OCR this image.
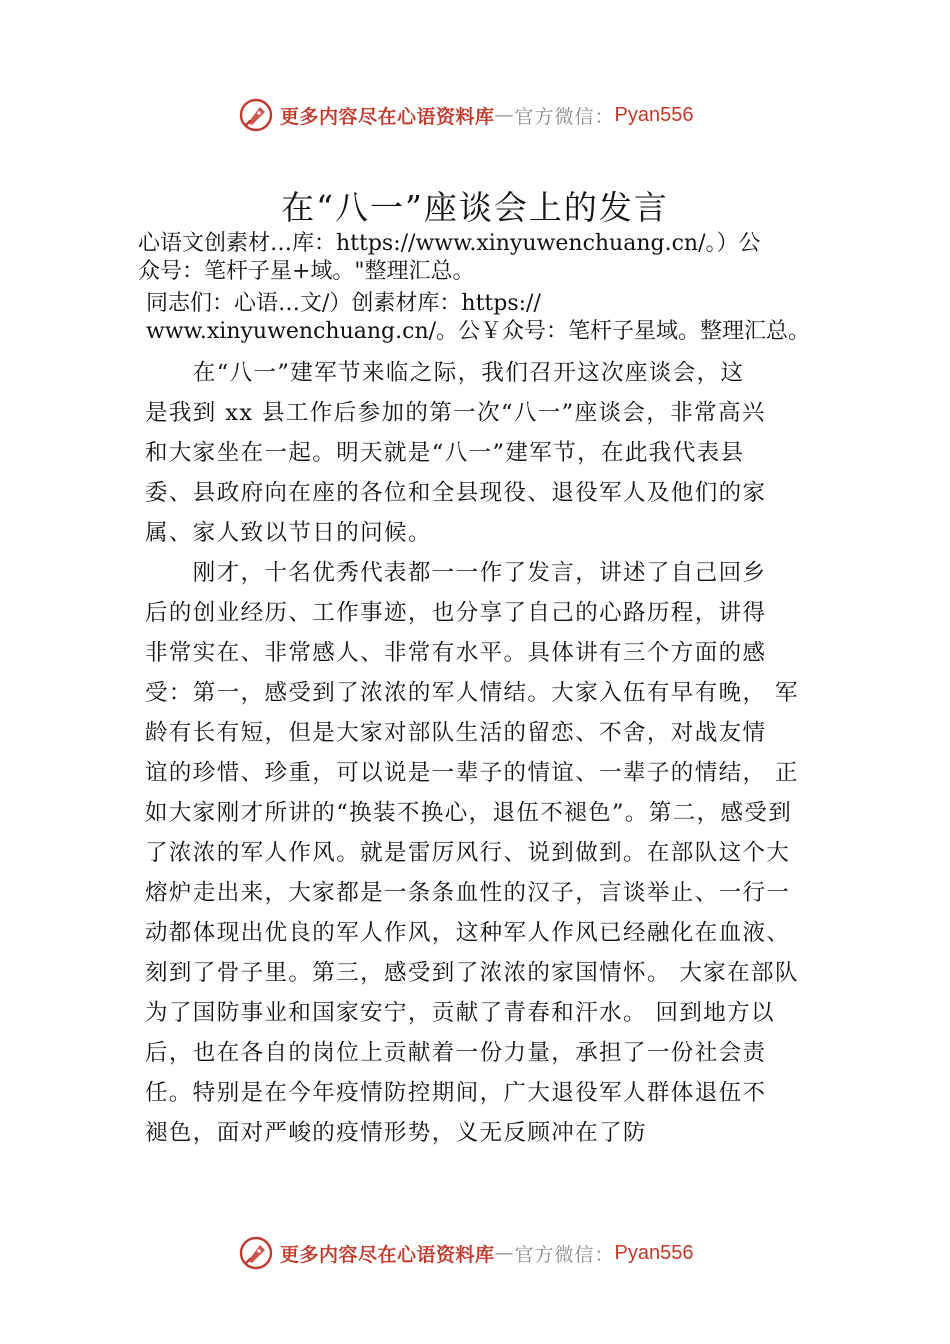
更多内容尽在心语资料库 — 官方微信： Pyan556
在“八一”座谈会上的发言
心语文创素材…库：https://www.xinyuwenchuang.cn/。）公
众号：笔杆子星+域。"整理汇总。
同志们：心语…文/）创素材库：https://
www.xinyuwenchuang.cn/。公￥众号：笔杆子星域。整理汇总。
　　在“八一”建军节来临之际，我们召开这次座谈会，这
是我到 xx 县工作后参加的第一次“八一”座谈会，非常高兴
和大家坐在一起。明天就是“八一”建军节，在此我代表县
委、县政府向在座的各位和全县现役、退役军人及他们的家
属、家人致以节日的问候。
　　刚才，十名优秀代表都一一作了发言，讲述了自己回乡
后的创业经历、工作事迹，也分享了自己的心路历程，讲得
非常实在、非常感人、非常有水平。具体讲有三个方面的感
受：第一，感受到了浓浓的军人情结。大家入伍有早有晚， 军
龄有长有短，但是大家对部队生活的留恋、不舍，对战友情
谊的珍惜、珍重，可以说是一辈子的情谊、一辈子的情结， 正
如大家刚才所讲的“换装不换心，退伍不褪色”。第二，感受到
了浓浓的军人作风。就是雷厉风行、说到做到。在部队这个大
熔炉走出来，大家都是一条条血性的汉子，言谈举止、一行一
动都体现出优良的军人作风，这种军人作风已经融化在血液、
刻到了骨子里。第三，感受到了浓浓的家国情怀。 大家在部队
为了国防事业和国家安宁，贡献了青春和汗水。 回到地方以
后，也在各自的岗位上贡献着一份力量，承担了一份社会责
任。特别是在今年疫情防控期间，广大退役军人群体退伍不
褪色，面对严峻的疫情形势，义无反顾冲在了防
更多内容尽在心语资料库 — 官方微信： Pyan556
